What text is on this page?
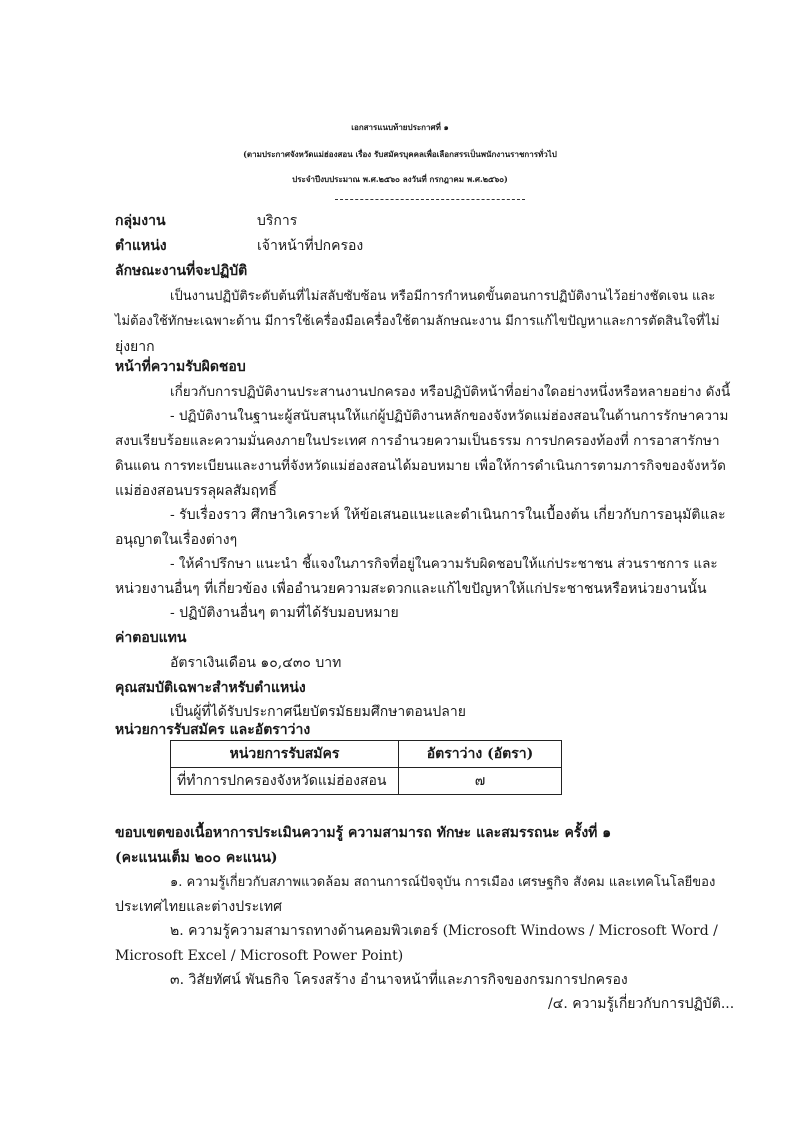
เอกสารแนบท้ายประกาศที่ ๑
(ตามประกาศจังหวัดแม่ฮ่องสอน เรื่อง รับสมัครบุคคลเพื่อเลือกสรรเป็นพนักงานราชการทั่วไป
ประจำปีงบประมาณ พ.ศ.๒๕๖๐ ลงวันที่ กรกฎาคม พ.ศ.๒๕๖๐)
กลุ่มงาน	บริการ
ตำแหน่ง	เจ้าหน้าที่ปกครอง
ลักษณะงานที่จะปฏิบัติ
เป็นงานปฏิบัติระดับต้นที่ไม่สลับซับซ้อน หรือมีการกำหนดขั้นตอนการปฏิบัติงานไว้อย่างชัดเจน และ
ไม่ต้องใช้ทักษะเฉพาะด้าน มีการใช้เครื่องมือเครื่องใช้ตามลักษณะงาน มีการแก้ไขปัญหาและการตัดสินใจที่ไม่
ยุ่งยาก
หน้าที่ความรับผิดชอบ
เกี่ยวกับการปฏิบัติงานประสานงานปกครอง หรือปฏิบัติหน้าที่อย่างใดอย่างหนึ่งหรือหลายอย่าง ดังนี้
- ปฏิบัติงานในฐานะผู้สนับสนุนให้แก่ผู้ปฏิบัติงานหลักของจังหวัดแม่ฮ่องสอนในด้านการรักษาความ
สงบเรียบร้อยและความมั่นคงภายในประเทศ การอำนวยความเป็นธรรม การปกครองท้องที่ การอาสารักษา
ดินแดน การทะเบียนและงานที่จังหวัดแม่ฮ่องสอนได้มอบหมาย เพื่อให้การดำเนินการตามภารกิจของจังหวัด
แม่ฮ่องสอนบรรลุผลสัมฤทธิ์
- รับเรื่องราว ศึกษาวิเคราะห์ ให้ข้อเสนอแนะและดำเนินการในเบื้องต้น เกี่ยวกับการอนุมัติและ
อนุญาตในเรื่องต่างๆ
- ให้คำปรึกษา แนะนำ ชี้แจงในภารกิจที่อยู่ในความรับผิดชอบให้แก่ประชาชน ส่วนราชการ และ
หน่วยงานอื่นๆ ที่เกี่ยวข้อง เพื่ออำนวยความสะดวกและแก้ไขปัญหาให้แก่ประชาชนหรือหน่วยงานนั้น
- ปฏิบัติงานอื่นๆ ตามที่ได้รับมอบหมาย
ค่าตอบแทน
อัตราเงินเดือน ๑๐,๔๓๐ บาท
คุณสมบัติเฉพาะสำหรับตำแหน่ง
เป็นผู้ที่ได้รับประกาศนียบัตรมัธยมศึกษาตอนปลาย
หน่วยการรับสมัคร และอัตราว่าง
หน่วยการรับสมัคร	อัตราว่าง (อัตรา)
ที่ทำการปกครองจังหวัดแม่ฮ่องสอน	๗
ขอบเขตของเนื้อหาการประเมินความรู้ ความสามารถ ทักษะ และสมรรถนะ ครั้งที่ ๑
(คะแนนเต็ม ๒๐๐ คะแนน)
๑. ความรู้เกี่ยวกับสภาพแวดล้อม สถานการณ์ปัจจุบัน การเมือง เศรษฐกิจ สังคม และเทคโนโลยีของ
ประเทศไทยและต่างประเทศ
๒. ความรู้ความสามารถทางด้านคอมพิวเตอร์ (Microsoft Windows / Microsoft Word /
Microsoft Excel / Microsoft Power Point)
๓. วิสัยทัศน์ พันธกิจ โครงสร้าง อำนาจหน้าที่และภารกิจของกรมการปกครอง
/๔. ความรู้เกี่ยวกับการปฏิบัติ...
